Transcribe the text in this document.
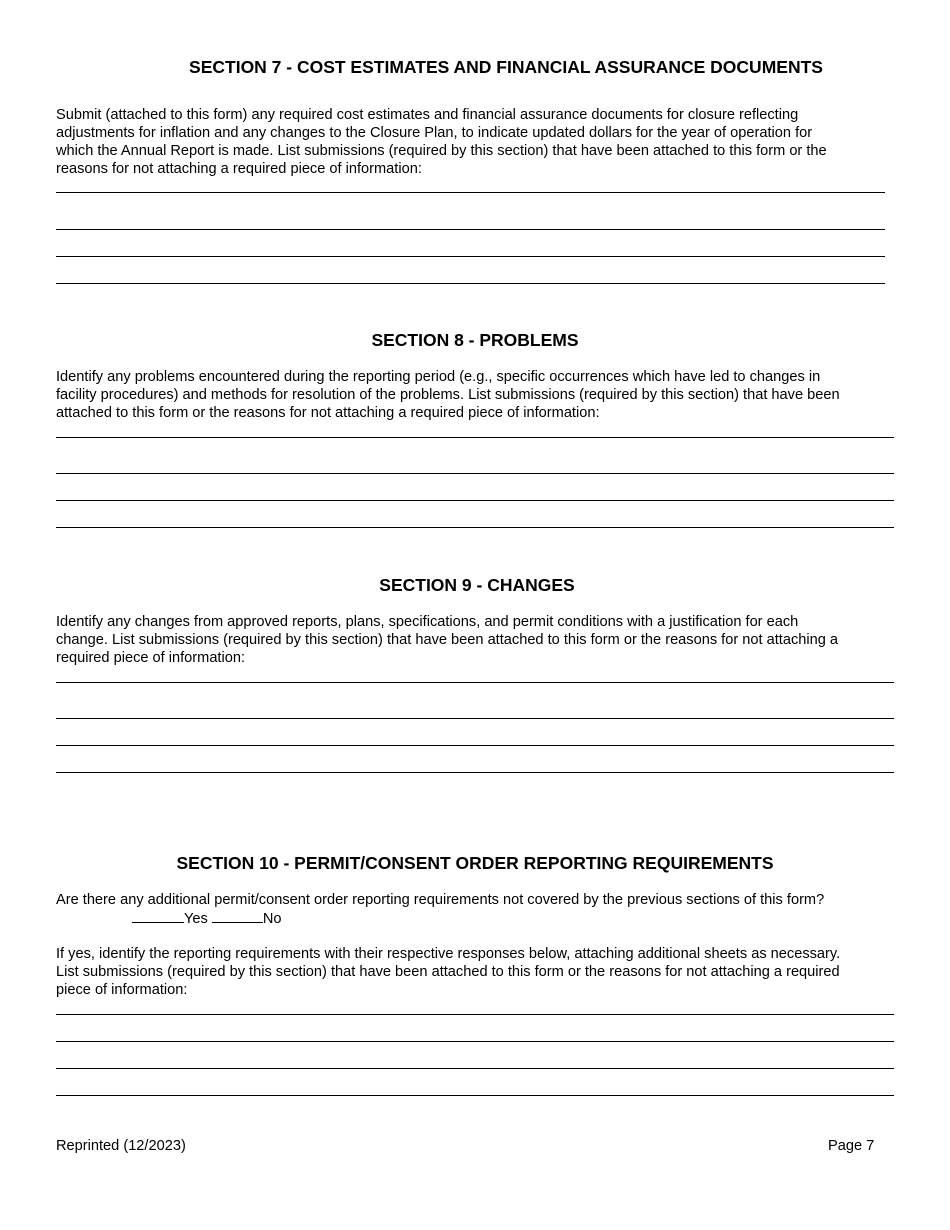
SECTION 7 - COST ESTIMATES AND FINANCIAL ASSURANCE DOCUMENTS
Submit (attached to this form) any required cost estimates and financial assurance documents for closure reflecting
adjustments for inflation and any changes to the Closure Plan, to indicate updated dollars for the year of operation for
which the Annual Report is made. List submissions (required by this section) that have been attached to this form or the
reasons for not attaching a required piece of information:
SECTION 8 - PROBLEMS
Identify any problems encountered during the reporting period (e.g., specific occurrences which have led to changes in
facility procedures) and methods for resolution of the problems. List submissions (required by this section) that have been
attached to this form or the reasons for not attaching a required piece of information:
SECTION 9 - CHANGES
Identify any changes from approved reports, plans, specifications, and permit conditions with a justification for each
change. List submissions (required by this section) that have been attached to this form or the reasons for not attaching a
required piece of information:
SECTION 10 - PERMIT/CONSENT ORDER REPORTING REQUIREMENTS
Are there any additional permit/consent order reporting requirements not covered by the previous sections of this form?
Yes	No
If yes, identify the reporting requirements with their respective responses below, attaching additional sheets as necessary.
List submissions (required by this section) that have been attached to this form or the reasons for not attaching a required
piece of information:
Reprinted (12/2023)	Page 7
